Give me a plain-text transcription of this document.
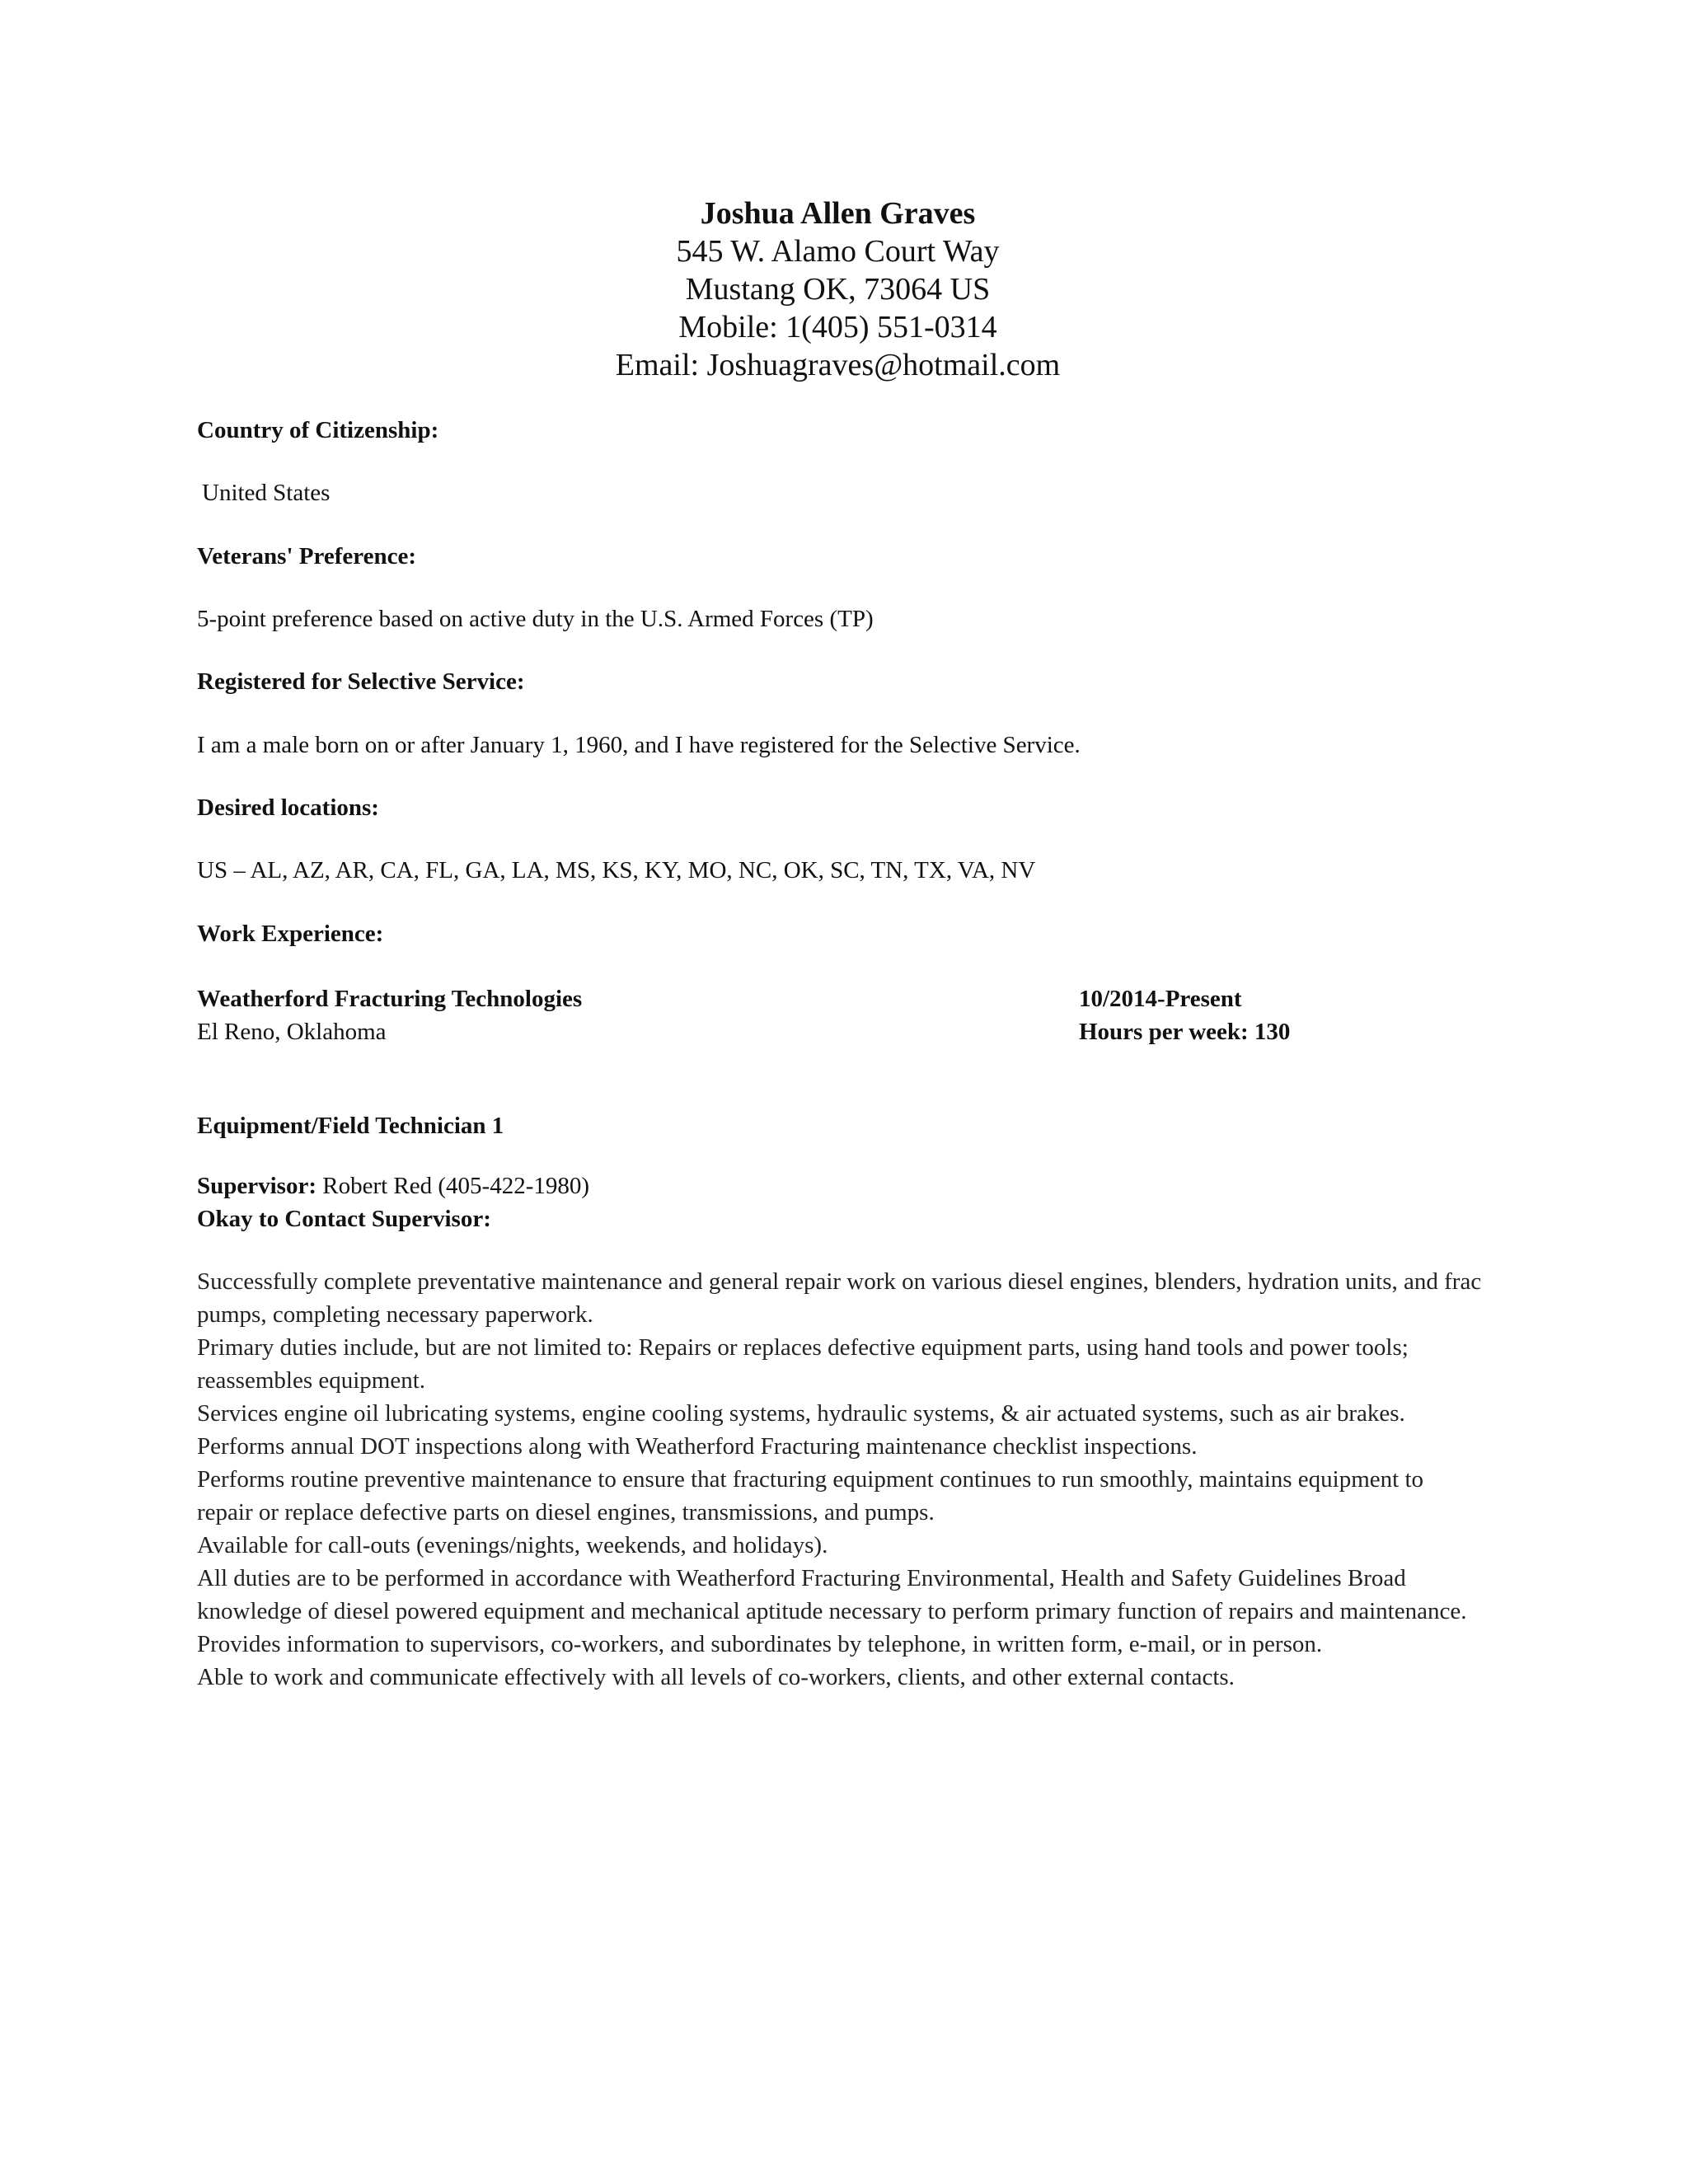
Joshua Allen Graves
545 W. Alamo Court Way
Mustang OK, 73064 US
Mobile: 1(405) 551-0314
Email: Joshuagraves@hotmail.com
Country of Citizenship:
United States
Veterans' Preference:
5-point preference based on active duty in the U.S. Armed Forces (TP)
Registered for Selective Service:
I am a male born on or after January 1, 1960, and I have registered for the Selective Service.
Desired locations:
US – AL, AZ, AR, CA, FL, GA, LA, MS, KS, KY, MO, NC, OK, SC, TN, TX, VA, NV
Work Experience:
Weatherford Fracturing Technologies
El Reno, Oklahoma
10/2014-Present
Hours per week: 130
Equipment/Field Technician 1
Supervisor: Robert Red (405-422-1980)
Okay to Contact Supervisor:

Successfully complete preventative maintenance and general repair work on various diesel engines, blenders, hydration units, and frac pumps, completing necessary paperwork.

Primary duties include, but are not limited to: Repairs or replaces defective equipment parts, using hand tools and power tools; reassembles equipment.

Services engine oil lubricating systems, engine cooling systems, hydraulic systems, & air actuated systems, such as air brakes.

Performs annual DOT inspections along with Weatherford Fracturing maintenance checklist inspections.

Performs routine preventive maintenance to ensure that fracturing equipment continues to run smoothly, maintains equipment to repair or replace defective parts on diesel engines, transmissions, and pumps.

Available for call-outs (evenings/nights, weekends, and holidays).

All duties are to be performed in accordance with Weatherford Fracturing Environmental, Health and Safety Guidelines Broad knowledge of diesel powered equipment and mechanical aptitude necessary to perform primary function of repairs and maintenance.

Provides information to supervisors, co-workers, and subordinates by telephone, in written form, e-mail, or in person.

Able to work and communicate effectively with all levels of co-workers, clients, and other external contacts.
